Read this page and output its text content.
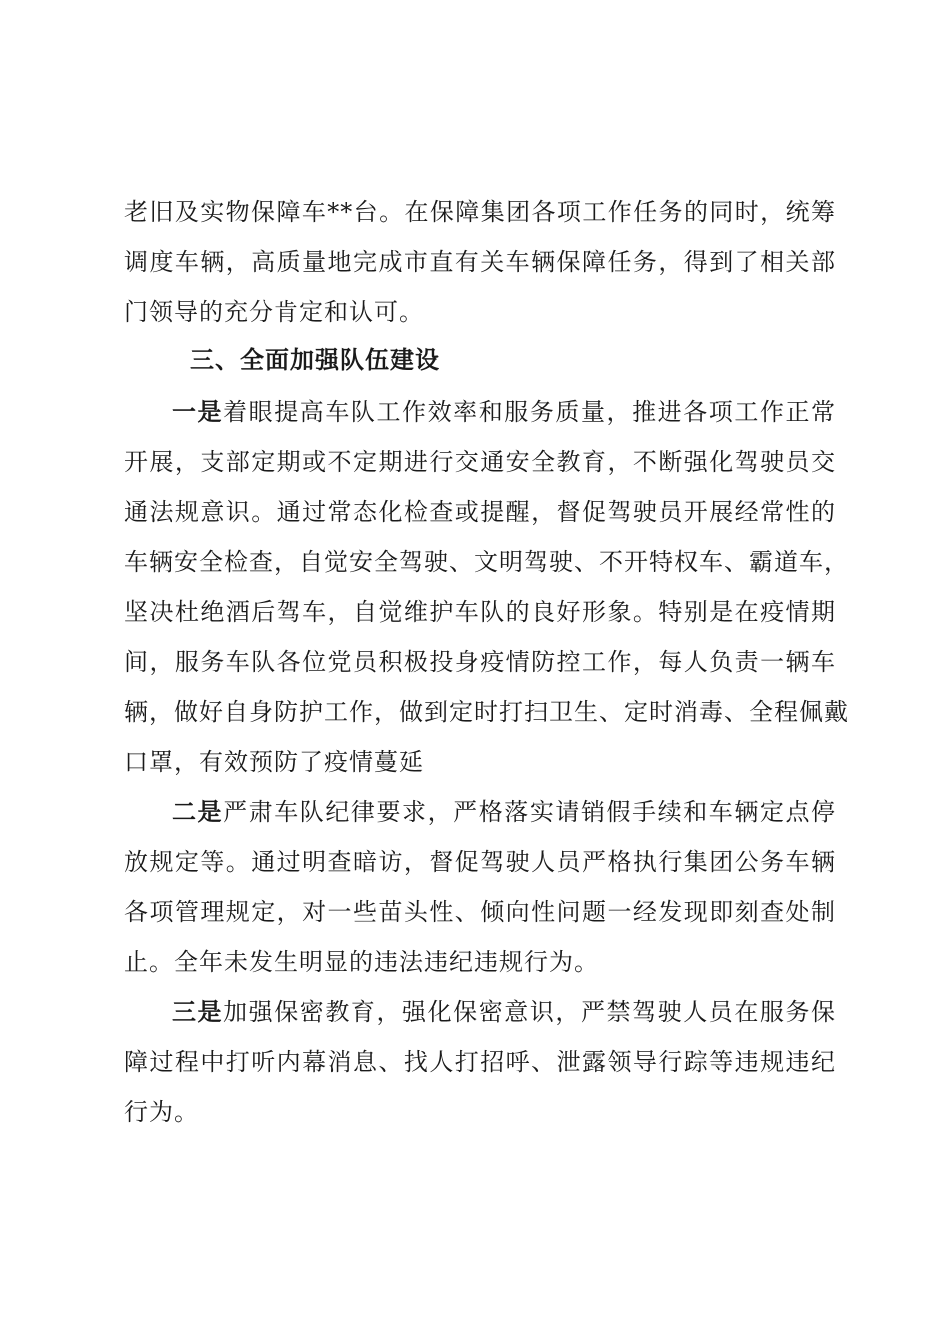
老旧及实物保障车**台。在保障集团各项工作任务的同时，统筹
调度车辆，高质量地完成市直有关车辆保障任务，得到了相关部
门领导的充分肯定和认可。
三、全面加强队伍建设
一是着眼提高车队工作效率和服务质量，推进各项工作正常
开展，支部定期或不定期进行交通安全教育，不断强化驾驶员交
通法规意识。通过常态化检查或提醒，督促驾驶员开展经常性的
车辆安全检查，自觉安全驾驶、文明驾驶、不开特权车、霸道车，
坚决杜绝酒后驾车，自觉维护车队的良好形象。特别是在疫情期
间，服务车队各位党员积极投身疫情防控工作，每人负责一辆车
辆，做好自身防护工作，做到定时打扫卫生、定时消毒、全程佩戴
口罩，有效预防了疫情蔓延
二是严肃车队纪律要求，严格落实请销假手续和车辆定点停
放规定等。通过明查暗访，督促驾驶人员严格执行集团公务车辆
各项管理规定，对一些苗头性、倾向性问题一经发现即刻查处制
止。全年未发生明显的违法违纪违规行为。
三是加强保密教育，强化保密意识，严禁驾驶人员在服务保
障过程中打听内幕消息、找人打招呼、泄露领导行踪等违规违纪
行为。
